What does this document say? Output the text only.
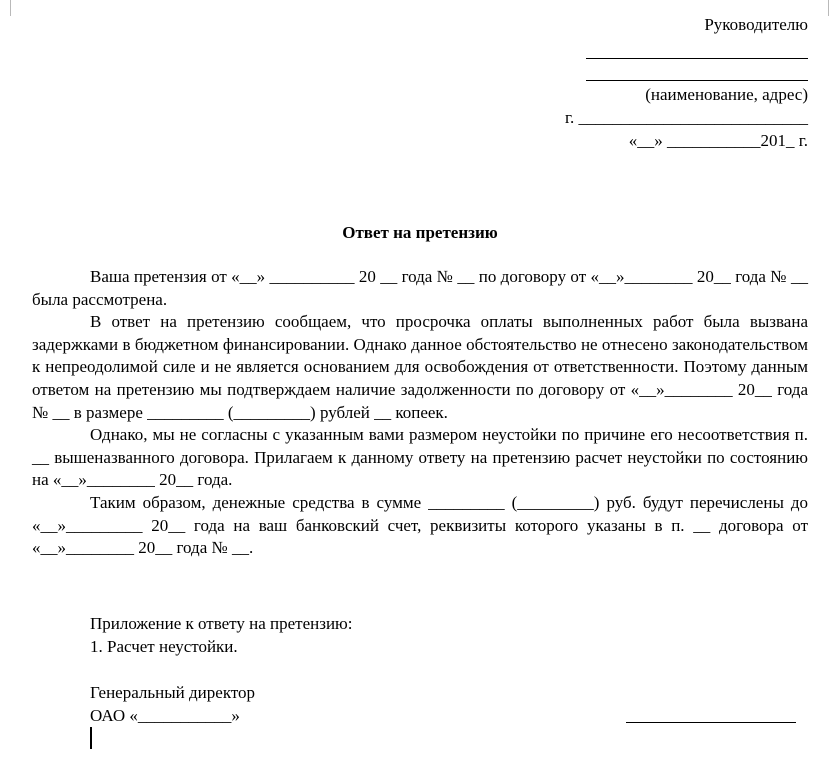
Руководителю
(наименование, адрес)
г. ___________________________
«__» ___________201_ г.
Ответ на претензию

Ваша претензия от «__» __________ 20 __ года № __ по договору от «__»________ 20__ года № __ была рассмотрена.

В ответ на претензию сообщаем, что просрочка оплаты выполненных работ была вызвана задержками в бюджетном финансировании. Однако данное обстоятельство не отнесено законодательством к непреодолимой силе и не является основанием для освобождения от ответственности. Поэтому данным ответом на претензию мы подтверждаем наличие задолженности по договору от «__»________ 20__ года № __ в размере _________ (_________) рублей __ копеек.

Однако, мы не согласны с указанным вами размером неустойки по причине его несоответствия п. __ вышеназванного договора. Прилагаем к данному ответу на претензию расчет неустойки по состоянию на «__»________ 20__ года.

Таким образом, денежные средства в сумме _________ (_________) руб. будут перечислены до «__»_________ 20__ года на ваш банковский счет, реквизиты которого указаны в п. __ договора от «__»________ 20__ года № __.

Приложение к ответу на претензию:
1. Расчет неустойки.
Генеральный директор
ОАО «___________»
